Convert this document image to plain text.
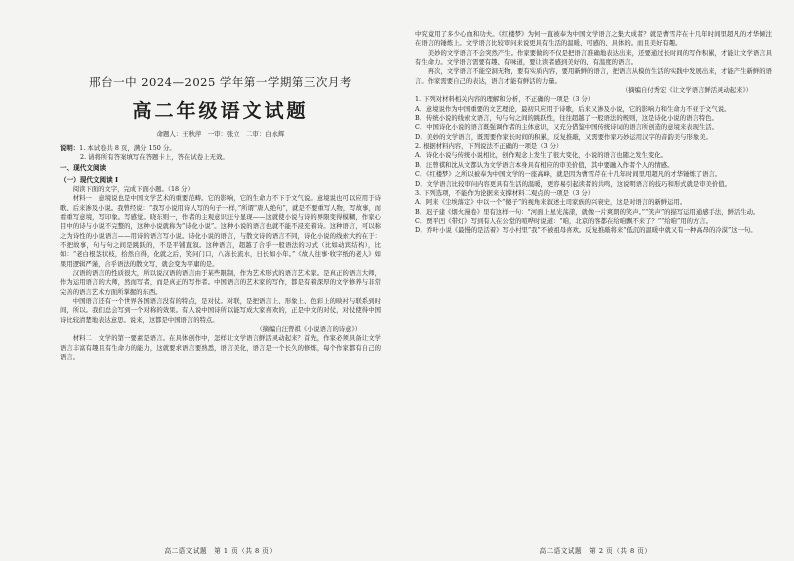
邢台一中 2024—2025 学年第一学期第三次月考
高二年级语文试题
命题人：王秋萍　一审：张立　二审：白永辉
说明：1. 本试卷共 8 页，满分 150 分。
2. 请将所有答案填写在答题卡上，答在试卷上无效。
一、现代文阅读
（一）现代文阅读 I

阅读下面的文字，完成下面小题。（18 分）

材料一　意境说也是中国文学艺术的重要范畴。它的影响，它的生命力不下于文气说。意境说也可以应用于诗歌、后来渗及小说。我曾经说：“我写小说用诗人写的句子一样，”所谓“唐人绝句”，就是不要重写人物，写故事，而看重写意境，写印象。写感觉。晓东则一，作者的主观意识汪兮显现——这就使小说与诗的界限变得模糊，作家心目中的诗与小说不完整的，这种小说就称为“诗化小说”。这种小说的语言也就不能不浸充着诗。这种语言，可以称之为诗性的小说语言——用诗的语言写小说。诗化小说的语言，与散文诗的语言不同，诗化小说的线索大约在于：不把故事，句与句之间是跳跃的，不是平铺直叙。这种语言，超越了合乎一般语法的习式（比如动宾结构），比如：“老白根茎状枝，拾然自得，化就之后，笑问门口，八冻长流水，日长如小年。”《故人往事·收字纸的老人》如果用逻辑严谨，合乎语法的散文写，就会变为平庸的是。

汉语的语言的性质很大，所以说汉语的语言由于某些限制，作为艺术形式的语言艺术家。是真正的语言大师，作为运用语言的大师，然而写者，而是真正的写作者。中国语言的艺术家的写作，都是有着深厚的文学修养与非常完善的语言艺术方面所掌握的东西。

中国语言还有一个世界各国语言没有的特点，是对仗。对联，是把语言上、形象上、色彩上的映衬与联系到时间，所以。我们总会写到一个对称的效果。有人说中国诗所以能写成大家喜欢的，正是中文的对仗，对仗使得中国诗比较清楚地表达意思。说来，这都是中国语言的特点。

（摘编自汪曾祺《小说语言的诗意》）

材料二　文学的第一要素是语言。在具体创作中，怎样让文学语言鲜活灵动起来？首先，作家必须具备让文学语言丰富有趣且有生命力的能力，这就要求语言要熟悉，语言美化，语言是一个长久的修炼，每个作家都有自己的语言。

高二语文试题　第 1 页（共 8 页）

中究竟用了多少心血和功夫。《红楼梦》为何一直被奉为中国文学语言之集大成者？就是曹雪芹在十几年时间里超凡的才华倾注在语言的锤炼上。文学语言比较审问来说更具有生活的温暖、可感的、具体的。而且美好有趣。

美妙的文学语言不会突然产生。作家要做的不仅是把语言准确地表达出来，还要通过长时间的写作积累，才能让文学语言具有生命力。文学语言需要有趣、有味道，要让读者感到美好的、有温度的语言。

再次，文学语言不能空洞无物，要有实质内容，要用新鲜的语言，把语言从模仿生活的实践中发展出来，才能产生新鲜的语言。作家需要自己的表达，语言才能有鲜活的力量。

（摘编自付秀宏《让文学语言鲜活灵动起来》）

1. 下列对材料相关内容的理解和分析，不正确的一项是（3 分）

A．意境说作为中国重要的文艺理论，最初只应用于诗歌，后来又渗及小说，它的影响力和生命力不亚于文气说。

B．传统小说的线索文语言，句与句之间的跳跃性，往往超越了一般语法的规则，这是诗化小说的语言特色。

C．中国诗化小说的语言既强调作者的主体意识，又充分借鉴中国传统诗词的语言所创造的意境来表现生活。

D．美妙的文学语言，既需要作家长时间的积累，反复推敲，又需要作家巧妙运用汉字的音韵美与形象美。

2. 根据材料内容，下列说法不正确的一项是（3 分）

A．诗化小说与传统小说相比，创作观念上发生了很大变化，小说的语言也随之发生变化。

B．汪曾祺和沈从文都认为文学语言本身具有相应的审美价值，其中要融入作者个人的情感。

C．《红楼梦》之所以被奉为中国文学的一座高峰，就是因为曹雪芹在十几年时间里用超凡的才华锤炼了语言。

D．文学语言比较审问内容更具有生活的温暖，更容易引起读者的共鸣，这说明语言的技巧和形式就是审美价值。

3. 下列选项，不能作为论据来支撑材料二观点的一项是（3 分）

A．阿来《尘埃落定》中以一个“傻子”的视角来叙述土司家族的兴衰史，这是对语言的新鲜运用。

B．迟子建《烟火漫卷》里有这样一句：“河面上星光荡漾，就像一片爽朗的笑声。”“笑声”的描写运用通感手法，鲜活生动。

C．贾平凹《带灯》写到有人在公堂的喧哗时说道：“咱，北京的客都在给咱飘不来了？”“给咱”用的方言。

D．乔叶小说《最慢的是活着》写小村里“我”不被祖母喜欢。反复推敲将来“低沉的温暖中就又有一种高昂的冷漠”这一句。

高二语文试题　第 2 页（共 8 页）
